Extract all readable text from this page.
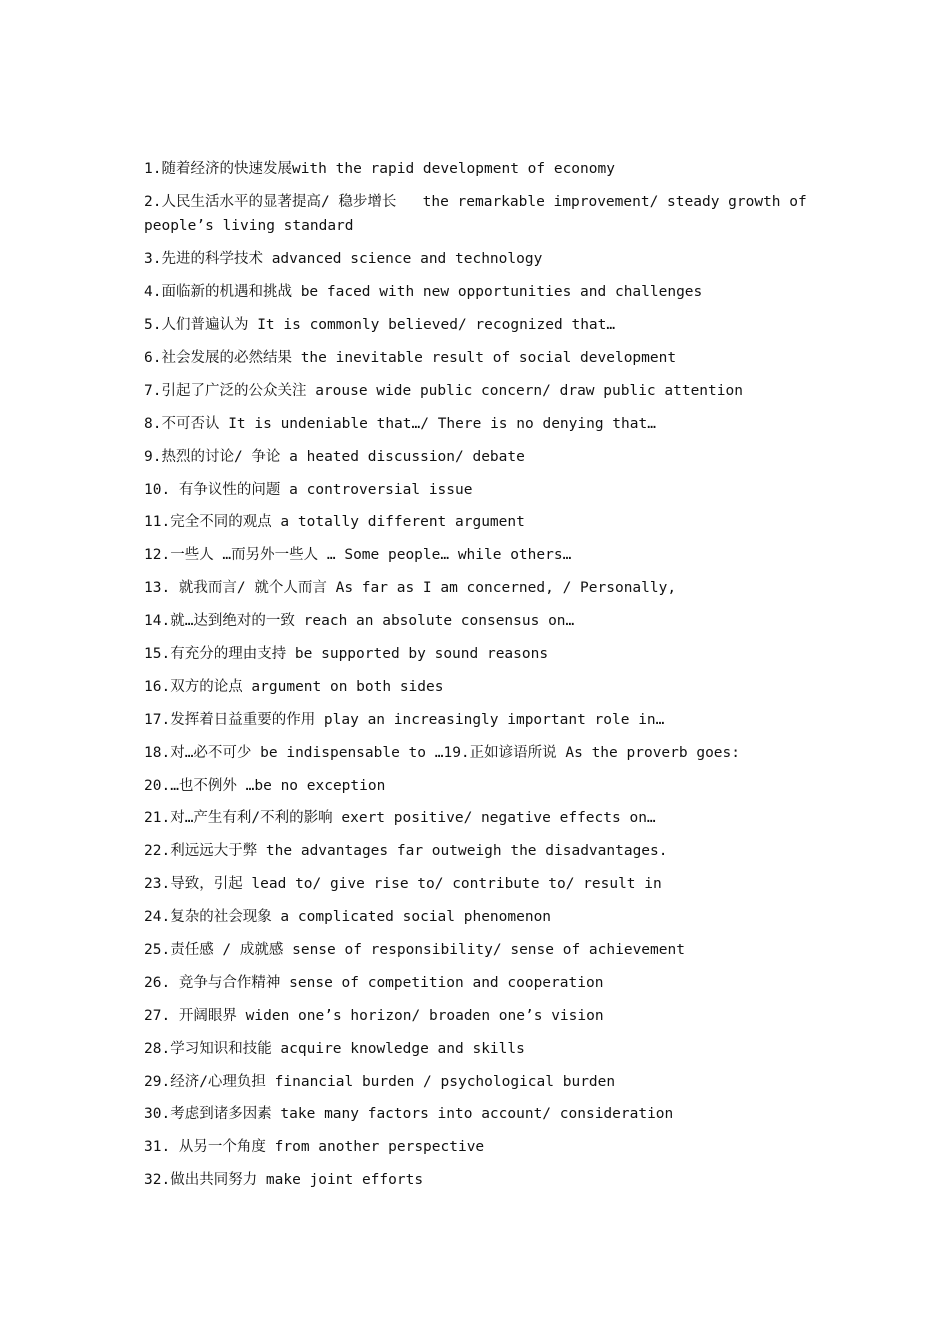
1.随着经济的快速发展with the rapid development of economy
2.人民生活水平的显著提高/ 稳步增长   the remarkable improvement/ steady growth of people’s living standard
3.先进的科学技术 advanced science and technology
4.面临新的机遇和挑战 be faced with new opportunities and challenges
5.人们普遍认为 It is commonly believed/ recognized that…
6.社会发展的必然结果 the inevitable result of social development
7.引起了广泛的公众关注 arouse wide public concern/ draw public attention
8.不可否认 It is undeniable that…/ There is no denying that…
9.热烈的讨论/ 争论 a heated discussion/ debate
10. 有争议性的问题 a controversial issue
11.完全不同的观点 a totally different argument
12.一些人 …而另外一些人 … Some people… while others…
13. 就我而言/ 就个人而言 As far as I am concerned, / Personally,
14.就…达到绝对的一致 reach an absolute consensus on…
15.有充分的理由支持 be supported by sound reasons
16.双方的论点 argument on both sides
17.发挥着日益重要的作用 play an increasingly important role in…
18.对…必不可少 be indispensable to …19.正如谚语所说 As the proverb goes:
20.…也不例外 …be no exception
21.对…产生有利/不利的影响 exert positive/ negative effects on…
22.利远远大于弊 the advantages far outweigh the disadvantages.
23.导致，引起 lead to/ give rise to/ contribute to/ result in
24.复杂的社会现象 a complicated social phenomenon
25.责任感 / 成就感 sense of responsibility/ sense of achievement
26. 竞争与合作精神 sense of competition and cooperation
27. 开阔眼界 widen one’s horizon/ broaden one’s vision
28.学习知识和技能 acquire knowledge and skills
29.经济/心理负担 financial burden / psychological burden
30.考虑到诸多因素 take many factors into account/ consideration
31. 从另一个角度 from another perspective
32.做出共同努力 make joint efforts
